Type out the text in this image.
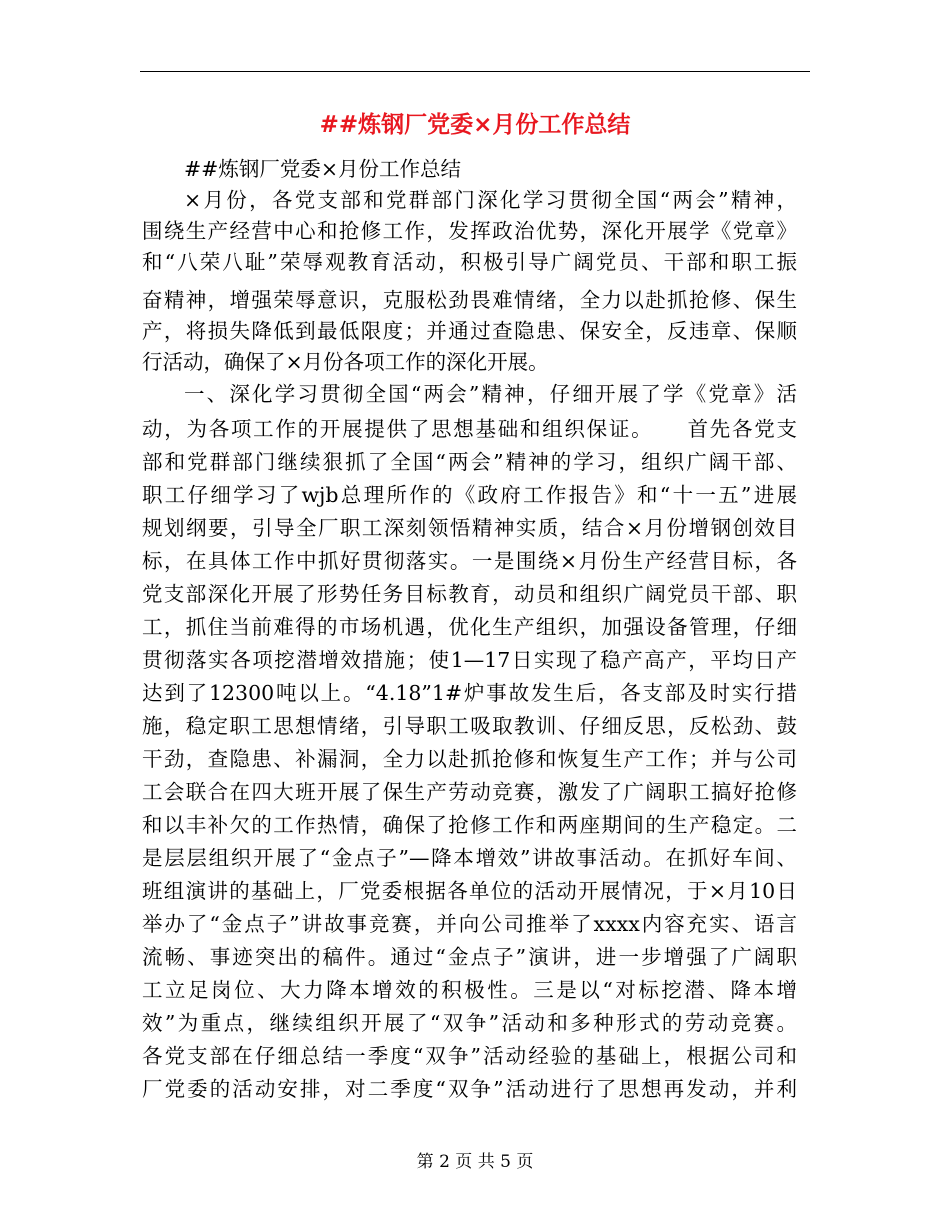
##炼钢厂党委×月份工作总结
##炼钢厂党委×月份工作总结
×月份，各党支部和党群部门深化学习贯彻全国“两会”精神，
围绕生产经营中心和抢修工作，发挥政治优势，深化开展学《党章》
和“八荣八耻”荣辱观教育活动，积极引导广阔党员、干部和职工振
奋精神，增强荣辱意识，克服松劲畏难情绪，全力以赴抓抢修、保生
产，将损失降低到最低限度；并通过查隐患、保安全，反违章、保顺
行活动，确保了×月份各项工作的深化开展。
一、深化学习贯彻全国“两会”精神，仔细开展了学《党章》活
动，为各项工作的开展提供了思想基础和组织保证。　　首先各党支
部和党群部门继续狠抓了全国“两会”精神的学习，组织广阔干部、
职工仔细学习了wjb总理所作的《政府工作报告》和“十一五”进展
规划纲要，引导全厂职工深刻领悟精神实质，结合×月份增钢创效目
标，在具体工作中抓好贯彻落实。一是围绕×月份生产经营目标，各
党支部深化开展了形势任务目标教育，动员和组织广阔党员干部、职
工，抓住当前难得的市场机遇，优化生产组织，加强设备管理，仔细
贯彻落实各项挖潜增效措施；使1—17日实现了稳产高产，平均日产
达到了12300吨以上。“4.18”1#炉事故发生后，各支部及时实行措
施，稳定职工思想情绪，引导职工吸取教训、仔细反思，反松劲、鼓
干劲，查隐患、补漏洞，全力以赴抓抢修和恢复生产工作；并与公司
工会联合在四大班开展了保生产劳动竞赛，激发了广阔职工搞好抢修
和以丰补欠的工作热情，确保了抢修工作和两座期间的生产稳定。二
是层层组织开展了“金点子”—降本增效”讲故事活动。在抓好车间、
班组演讲的基础上，厂党委根据各单位的活动开展情况，于×月10日
举办了“金点子”讲故事竞赛，并向公司推举了xxxx内容充实、语言
流畅、事迹突出的稿件。通过“金点子”演讲，进一步增强了广阔职
工立足岗位、大力降本增效的积极性。三是以“对标挖潜、降本增
效”为重点，继续组织开展了“双争”活动和多种形式的劳动竞赛。
各党支部在仔细总结一季度“双争”活动经验的基础上，根据公司和
厂党委的活动安排，对二季度“双争”活动进行了思想再发动，并利
第 2 页 共 5 页
